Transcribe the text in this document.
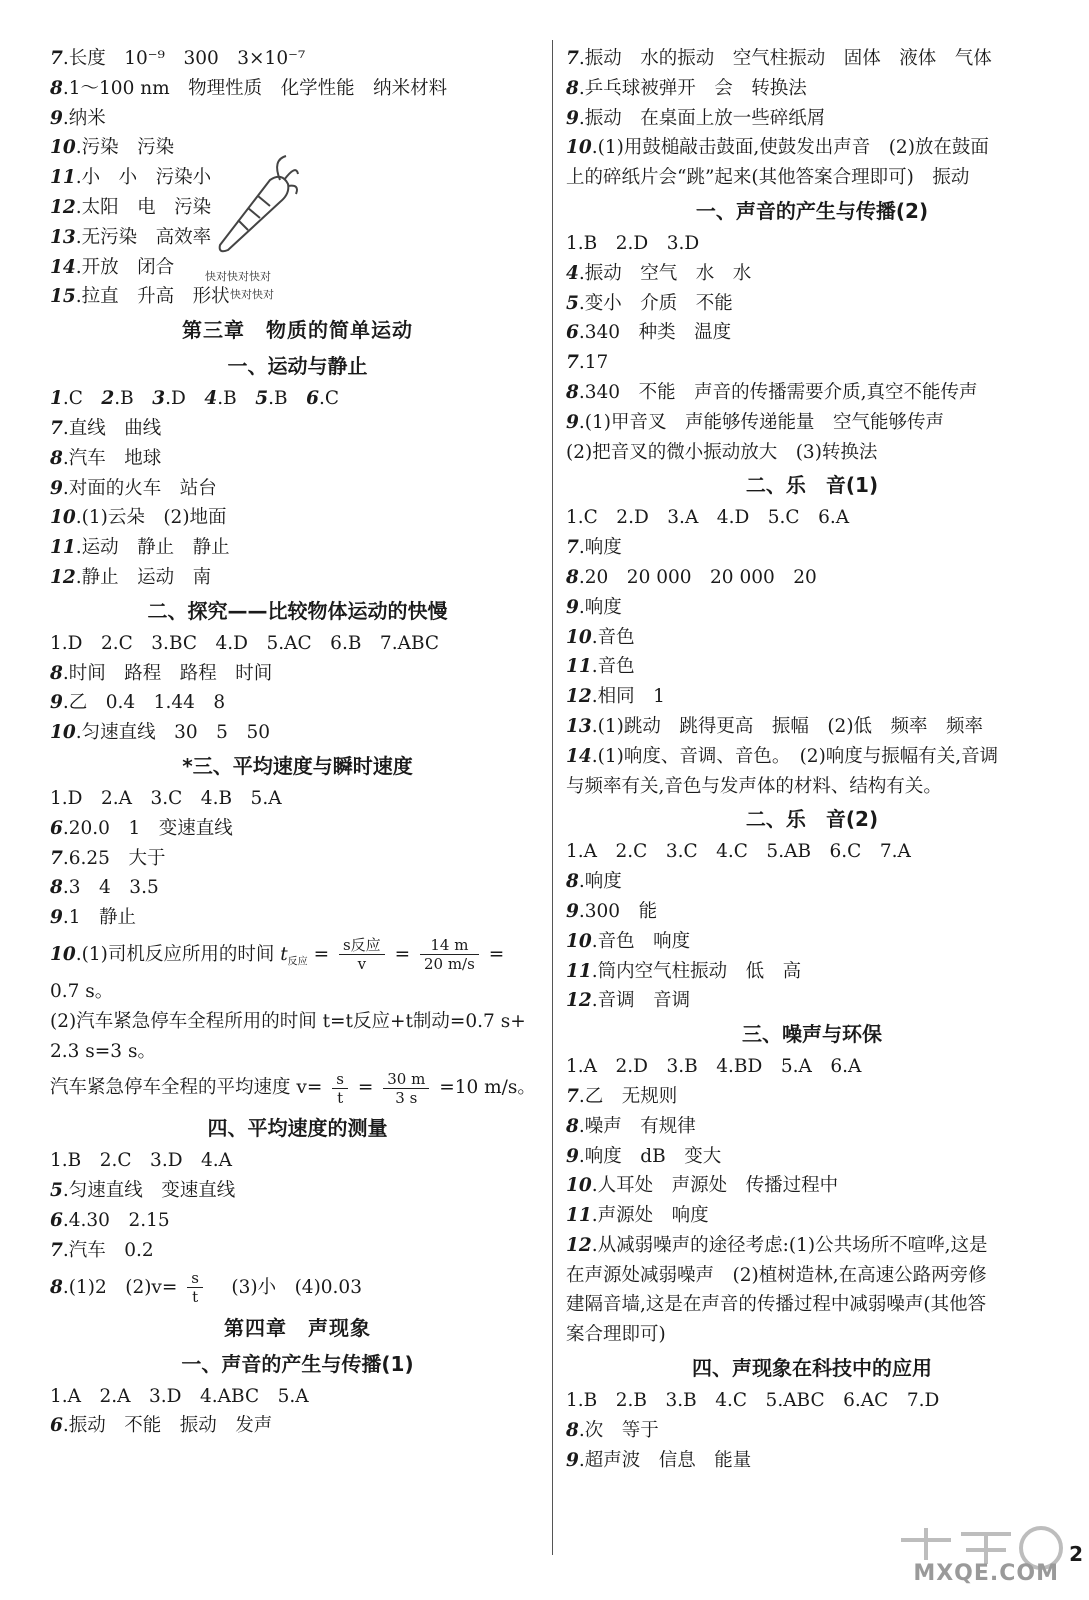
7.长度　10⁻⁹　300　3×10⁻⁷
8.1～100 nm　物理性质　化学性能　纳米材料
9.纳米
10.污染　污染
11.小　小　污染小
12.太阳　电　污染
13.无污染　高效率
14.开放　闭合
15.拉直　升高　形状
第三章　物质的简单运动
一、运动与静止
1.C　2.B　3.D　4.B　5.B　6.C
7.直线　曲线
8.汽车　地球
9.对面的火车　站台
10.(1)云朵　(2)地面
11.运动　静止　静止
12.静止　运动　南
二、探究——比较物体运动的快慢
1.D　2.C　3.BC　4.D　5.AC　6.B　7.ABC
8.时间　路程　路程　时间
9.乙　0.4　1.44　8
10.匀速直线　30　5　50
*三、平均速度与瞬时速度
1.D　2.A　3.C　4.B　5.A
6.20.0　1　变速直线
7.6.25　大于
8.3　4　3.5
9.1　静止
10.(1)司机反应所用的时间 $t_{反应} = \frac{\text{s反应}}{v} = \frac{14 m}{20 m/s}$ =
0.7 s。
(2)汽车紧急停车全程所用的时间 t=t反应+t制动=0.7 s+
2.3 s=3 s。
汽车紧急停车全程的平均速度 $v= \frac{s}{t} = \frac{30 m}{3 s} =10$ m/s。
四、平均速度的测量
1.B　2.C　3.D　4.A
5.匀速直线　变速直线
6.4.30　2.15
7.汽车　0.2
8.(1)2　$(2)v= \frac{s}{t}$ 　(3)小　(4)0.03
第四章　声现象
一、声音的产生与传播(1)
1.A　2.A　3.D　4.ABC　5.A
6.振动　不能　振动　发声
快对快对快对
快对快对
7.振动　水的振动　空气柱振动　固体　液体　气体
8.乒乓球被弹开　会　转换法
9.振动　在桌面上放一些碎纸屑
10.(1)用鼓槌敲击鼓面,使鼓发出声音　(2)放在鼓面
上的碎纸片会“跳”起来(其他答案合理即可)　振动
一、声音的产生与传播(2)
1.B　2.D　3.D
4.振动　空气　水　水
5.变小　介质　不能
6.340　种类　温度
7.17
8.340　不能　声音的传播需要介质,真空不能传声
9.(1)甲音叉　声能够传递能量　空气能够传声
(2)把音叉的微小振动放大　(3)转换法
二、乐　音(1)
1.C　2.D　3.A　4.D　5.C　6.A
7.响度
8.20　20 000　20 000　20
9.响度
10.音色
11.音色
12.相同　1
13.(1)跳动　跳得更高　振幅　(2)低　频率　频率
14.(1)响度、音调、音色。　(2)响度与振幅有关,音调
与频率有关,音色与发声体的材料、结构有关。
二、乐　音(2)
1.A　2.C　3.C　4.C　5.AB　6.C　7.A
8.响度
9.300　能
10.音色　响度
11.筒内空气柱振动　低　高
12.音调　音调
三、噪声与环保
1.A　2.D　3.B　4.BD　5.A　6.A
7.乙　无规则
8.噪声　有规律
9.响度　dB　变大
10.人耳处　声源处　传播过程中
11.声源处　响度
12.从减弱噪声的途径考虑:(1)公共场所不喧哗,这是
在声源处减弱噪声　(2)植树造林,在高速公路两旁修
建隔音墙,这是在声音的传播过程中减弱噪声(其他答
案合理即可)
四、声现象在科技中的应用
1.B　2.B　3.B　4.C　5.ABC　6.AC　7.D
8.次　等于
9.超声波　信息　能量
MXQE.COM
2
